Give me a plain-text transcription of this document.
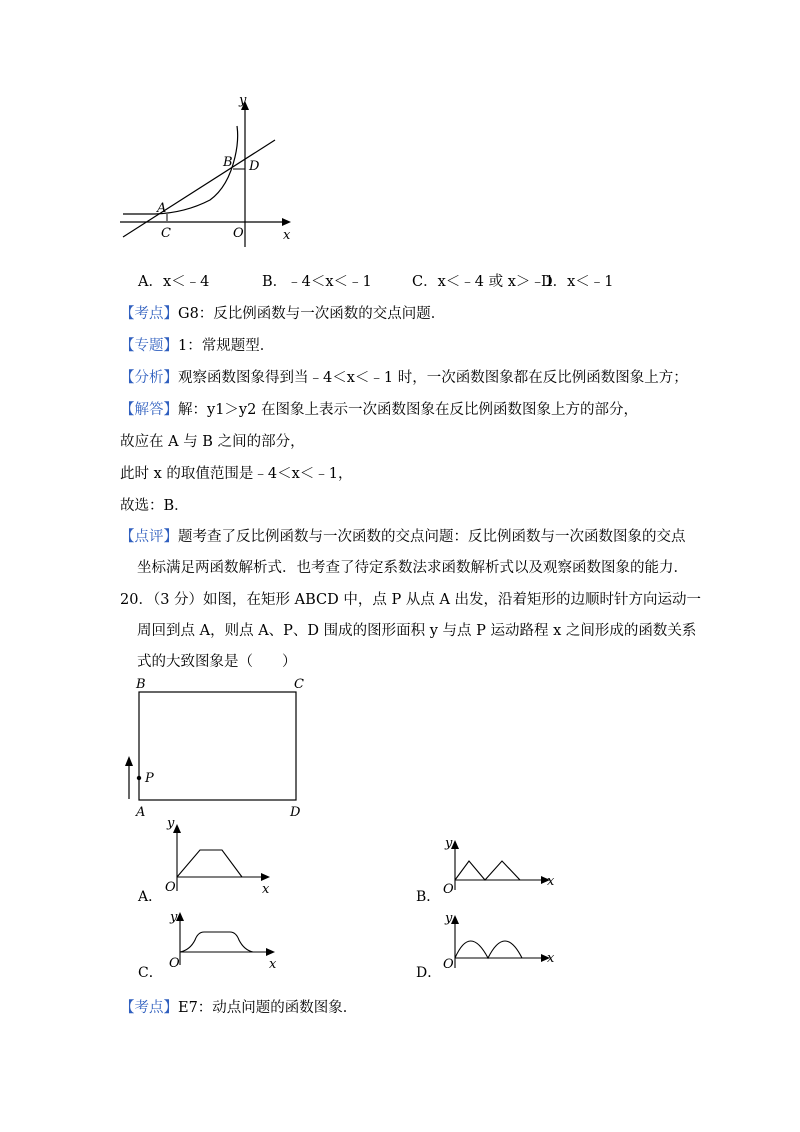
y
x
A
B
C
D
O
A．x＜﹣4	B．﹣4＜x＜﹣1	C．x＜﹣4 或 x＞﹣1
D．x＜﹣1
【考点】G8：反比例函数与一次函数的交点问题．
【专题】1：常规题型．
【分析】观察函数图象得到当﹣4＜x＜﹣1 时，一次函数图象都在反比例函数图象上方；
【解答】解：y1＞y2 在图象上表示一次函数图象在反比例函数图象上方的部分，
故应在 A 与 B 之间的部分，
此时 x 的取值范围是﹣4＜x＜﹣1，
故选：B．
【点评】题考查了反比例函数与一次函数的交点问题：反比例函数与一次函数图象的交点
坐标满足两函数解析式．也考查了待定系数法求函数解析式以及观察函数图象的能力．
20．（3 分）如图，在矩形 ABCD 中，点 P 从点 A 出发，沿着矩形的边顺时针方向运动一
周回到点 A，则点 A、P、D 围成的图形面积 y 与点 P 运动路程 x 之间形成的函数关系
式的大致图象是（　　）
B	C
A	D
P
y
x
O
A．
y
x
O
B．
y
x
O
C．
y
x
O
D．
【考点】E7：动点问题的函数图象．
